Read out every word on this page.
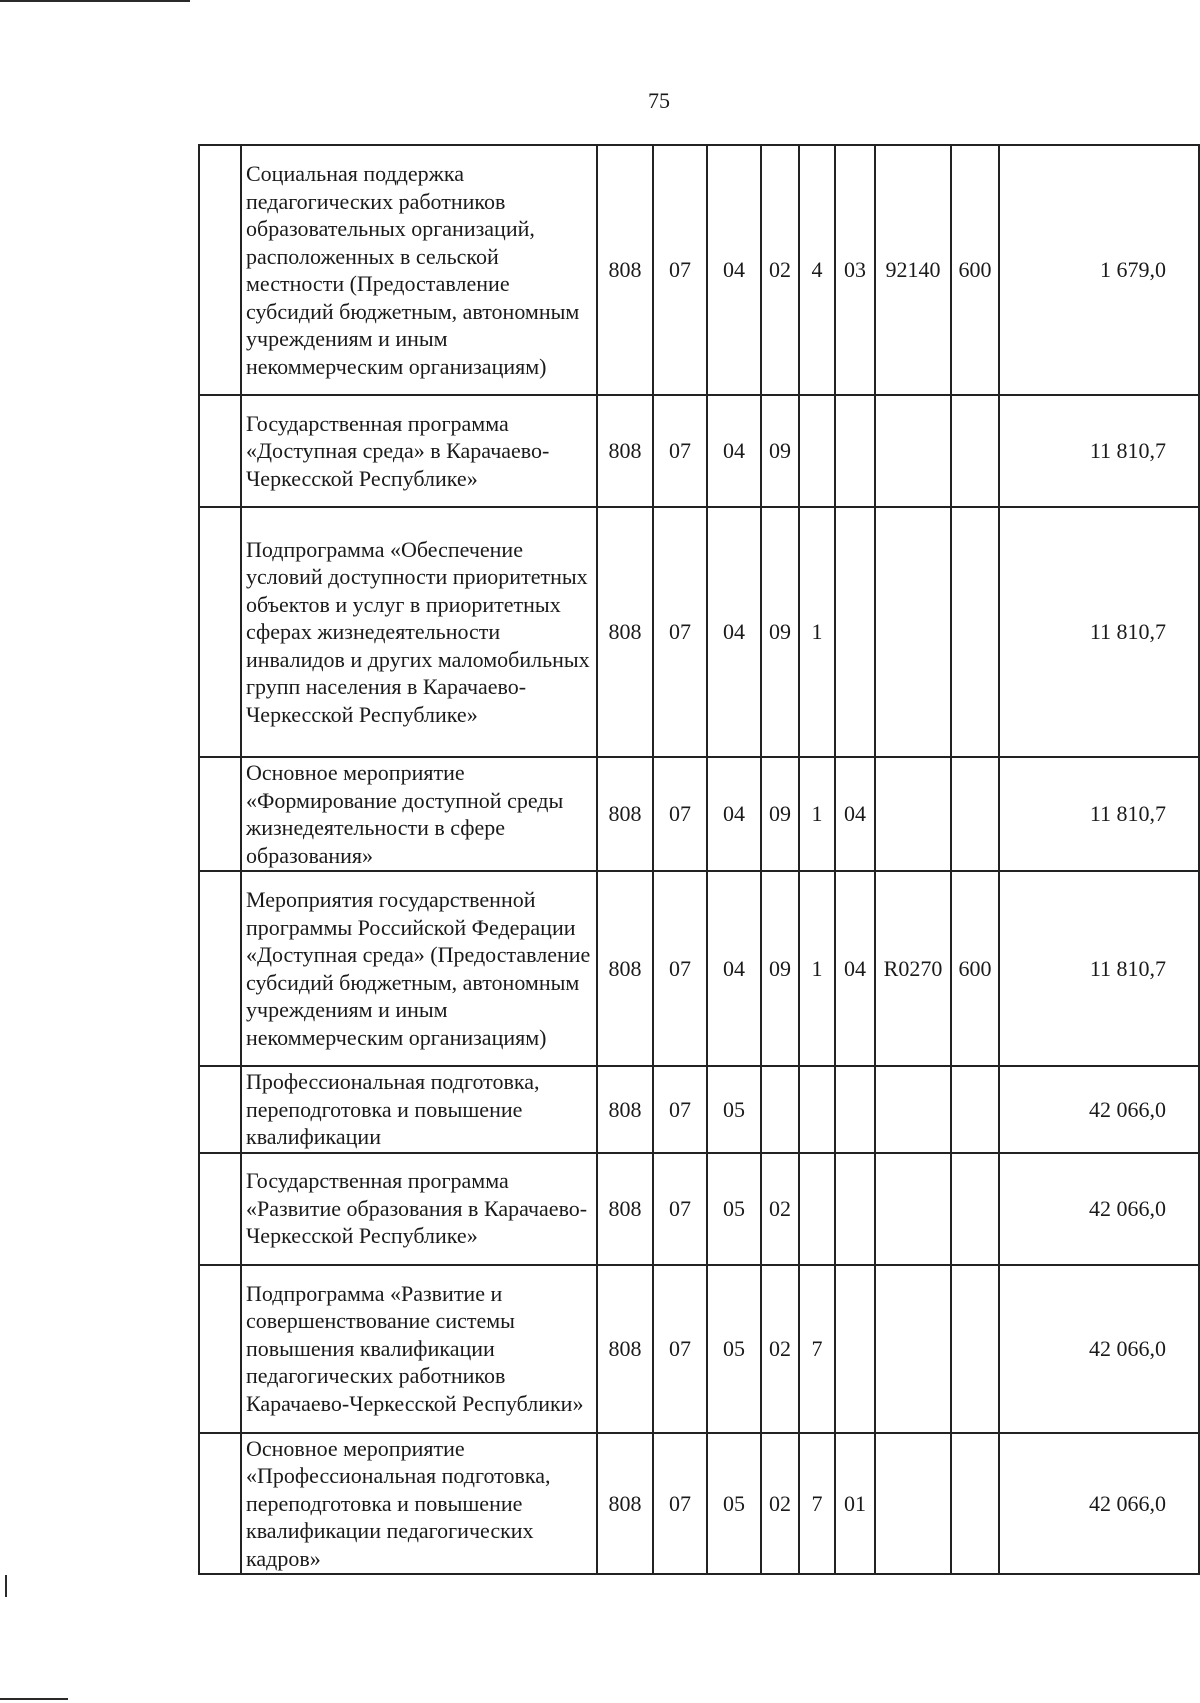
75

	Социальная поддержка педагогических работников образовательных организаций, расположенных в сельской местности (Предоставление субсидий бюджетным, автономным учреждениям и иным некоммерческим организациям)	808	07	04	02	4	03	92140	600	1 679,0

	Государственная программа «Доступная среда» в Карачаево-Черкесской Республике»	808	07	04	09					11 810,7

	Подпрограмма «Обеспечение условий доступности приоритетных объектов и услуг в приоритетных сферах жизнедеятельности инвалидов и других маломобильных групп населения в Карачаево-Черкесской Республике»	808	07	04	09	1				11 810,7

	Основное мероприятие «Формирование доступной среды жизнедеятельности в сфере образования»	808	07	04	09	1	04			11 810,7

	Мероприятия государственной программы Российской Федерации «Доступная среда» (Предоставление субсидий бюджетным, автономным учреждениям и иным некоммерческим организациям)	808	07	04	09	1	04	R0270	600	11 810,7

	Профессиональная подготовка, переподготовка и повышение квалификации	808	07	05						42 066,0

	Государственная программа «Развитие образования в Карачаево-Черкесской Республике»	808	07	05	02					42 066,0

	Подпрограмма «Развитие и совершенствование системы повышения квалификации педагогических работников Карачаево-Черкесской Республики»	808	07	05	02	7				42 066,0

	Основное мероприятие «Профессиональная подготовка, переподготовка и повышение квалификации педагогических кадров»	808	07	05	02	7	01			42 066,0
